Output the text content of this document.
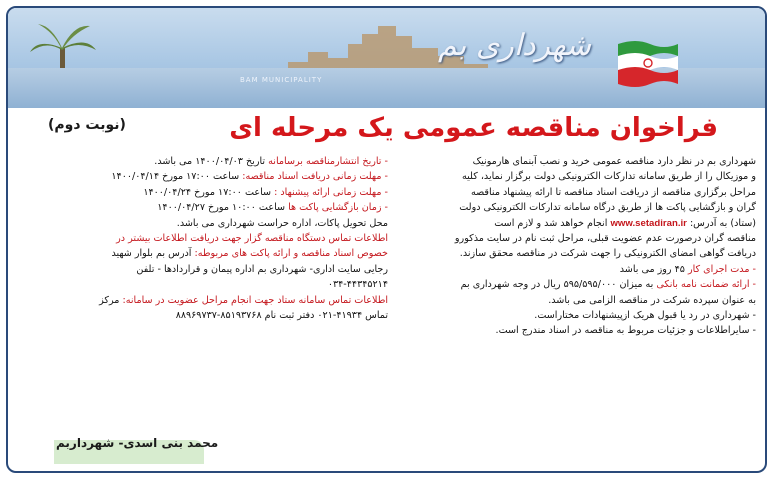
BAM MUNICIPALITY
شهرداری بم
(نوبت دوم)	فراخوان مناقصه عمومی یک مرحله ای
شهرداری بم در نظر دارد مناقصه عمومی خرید و نصب آبنمای هارمونیک
و موزیکال را از طریق سامانه تدارکات الکترونیکی دولت برگزار نماید، کلیه
مراحل برگزاری مناقصه از دریافت اسناد مناقصه تا ارائه پیشنهاد مناقصه
گران و بازگشایی پاکت ها از طریق درگاه سامانه تدارکات الکترونیکی دولت
(ستاد) به آدرس: www.setadiran.ir انجام خواهد شد و لازم است
مناقصه گران درصورت عدم عضویت قبلی، مراحل ثبت نام در سایت مذکورو
دریافت گواهی امضای الکترونیکی را جهت شرکت در مناقصه محقق سازند.
- مدت اجرای کار ۴۵ روز می باشد
- ارائه ضمانت نامه بانکی به میزان ۵۹۵/۵۹۵/۰۰۰ ریال در وجه شهرداری بم
به عنوان سپرده شرکت در مناقصه الزامی می باشد.
- شهرداری در رد یا قبول هریک ازپیشنهادات مختاراست.
- سایراطلاعات و جزئیات مربوط به مناقصه در اسناد مندرج است.
- تاریخ انتشارمناقصه برسامانه تاریخ ۱۴۰۰/۰۴/۰۳ می باشد.
- مهلت زمانی دریافت اسناد مناقصه: ساعت ۱۷:۰۰ مورخ ۱۴۰۰/۰۴/۱۴
- مهلت زمانی ارائه پیشنهاد : ساعت ۱۷:۰۰ مورخ ۱۴۰۰/۰۴/۲۴
- زمان بازگشایی پاکت ها ساعت ۱۰:۰۰ مورخ ۱۴۰۰/۰۴/۲۷
محل تحویل پاکات، اداره حراست شهرداری می باشد.
اطلاعات تماس دستگاه مناقصه گزار جهت دریافت اطلاعات بیشتر در
خصوص اسناد مناقصه و ارائه پاکت های مربوطه: آدرس بم بلوار شهید
رجایی سایت اداری- شهرداری بم اداره پیمان و قراردادها - تلفن
۰۳۴-۴۴۳۴۵۲۱۴
اطلاعات تماس سامانه ستاد جهت انجام مراحل عضویت در سامانه: مرکز
تماس ۴۱۹۳۴-۰۲۱ دفتر ثبت نام ۸۵۱۹۳۷۶۸-۸۸۹۶۹۷۳۷
محمد بنی اسدی- شهرداربم
